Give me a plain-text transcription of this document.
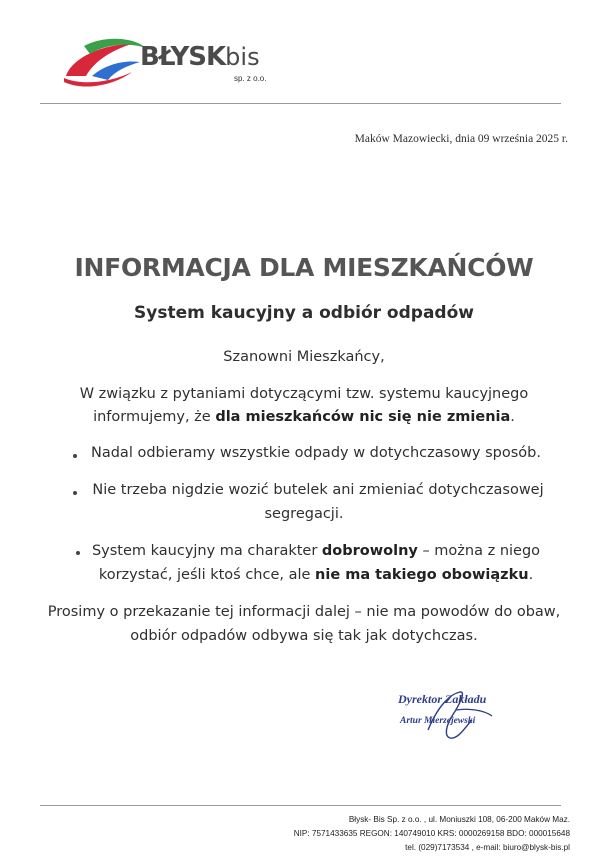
BŁYSKbis
sp. z o.o.
Maków Mazowiecki, dnia 09 września 2025 r.
INFORMACJA DLA MIESZKAŃCÓW
System kaucyjny a odbiór odpadów
Szanowni Mieszkańcy,
W związku z pytaniami dotyczącymi tzw. systemu kaucyjnego
informujemy, że dla mieszkańców nic się nie zmienia.
Nadal odbieramy wszystkie odpady w dotychczasowy sposób.
Nie trzeba nigdzie wozić butelek ani zmieniać dotychczasowej
segregacji.
System kaucyjny ma charakter dobrowolny – można z niego
korzystać, jeśli ktoś chce, ale nie ma takiego obowiązku.
Prosimy o przekazanie tej informacji dalej – nie ma powodów do obaw,
odbiór odpadów odbywa się tak jak dotychczas.
Dyrektor Zakładu
Artur Mierzejewski
Błysk- Bis Sp. z o.o. , ul. Moniuszki 108, 06-200 Maków Maz.
NIP: 7571433635 REGON: 140749010 KRS: 0000269158 BDO: 000015648
tel. (029)7173534 , e-mail: biuro@blysk-bis.pl
